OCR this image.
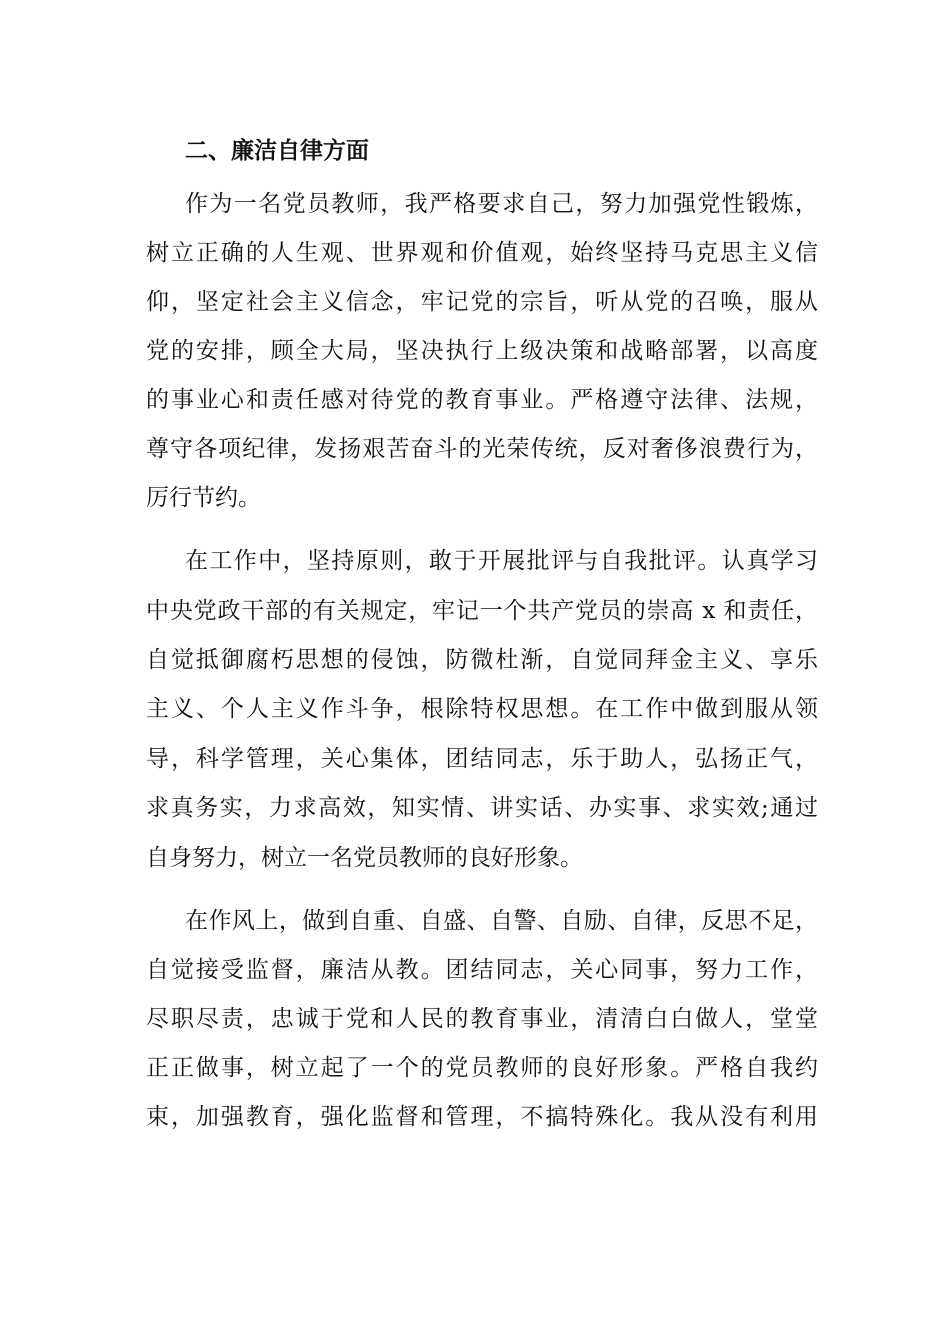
二、廉洁自律方面
作为一名党员教师，我严格要求自己，努力加强党性锻炼，
树立正确的人生观、世界观和价值观，始终坚持马克思主义信
仰，坚定社会主义信念，牢记党的宗旨，听从党的召唤，服从
党的安排，顾全大局，坚决执行上级决策和战略部署，以高度
的事业心和责任感对待党的教育事业。严格遵守法律、法规，
尊守各项纪律，发扬艰苦奋斗的光荣传统，反对奢侈浪费行为，
厉行节约。
在工作中，坚持原则，敢于开展批评与自我批评。认真学习
中央党政干部的有关规定，牢记一个共产党员的崇高 x 和责任，
自觉抵御腐朽思想的侵蚀，防微杜渐，自觉同拜金主义、享乐
主义、个人主义作斗争，根除特权思想。在工作中做到服从领
导，科学管理，关心集体，团结同志，乐于助人，弘扬正气，
求真务实，力求高效，知实情、讲实话、办实事、求实效;通过
自身努力，树立一名党员教师的良好形象。
在作风上，做到自重、自盛、自警、自励、自律，反思不足，
自觉接受监督，廉洁从教。团结同志，关心同事，努力工作，
尽职尽责，忠诚于党和人民的教育事业，清清白白做人，堂堂
正正做事，树立起了一个的党员教师的良好形象。严格自我约
束，加强教育，强化监督和管理，不搞特殊化。我从没有利用
